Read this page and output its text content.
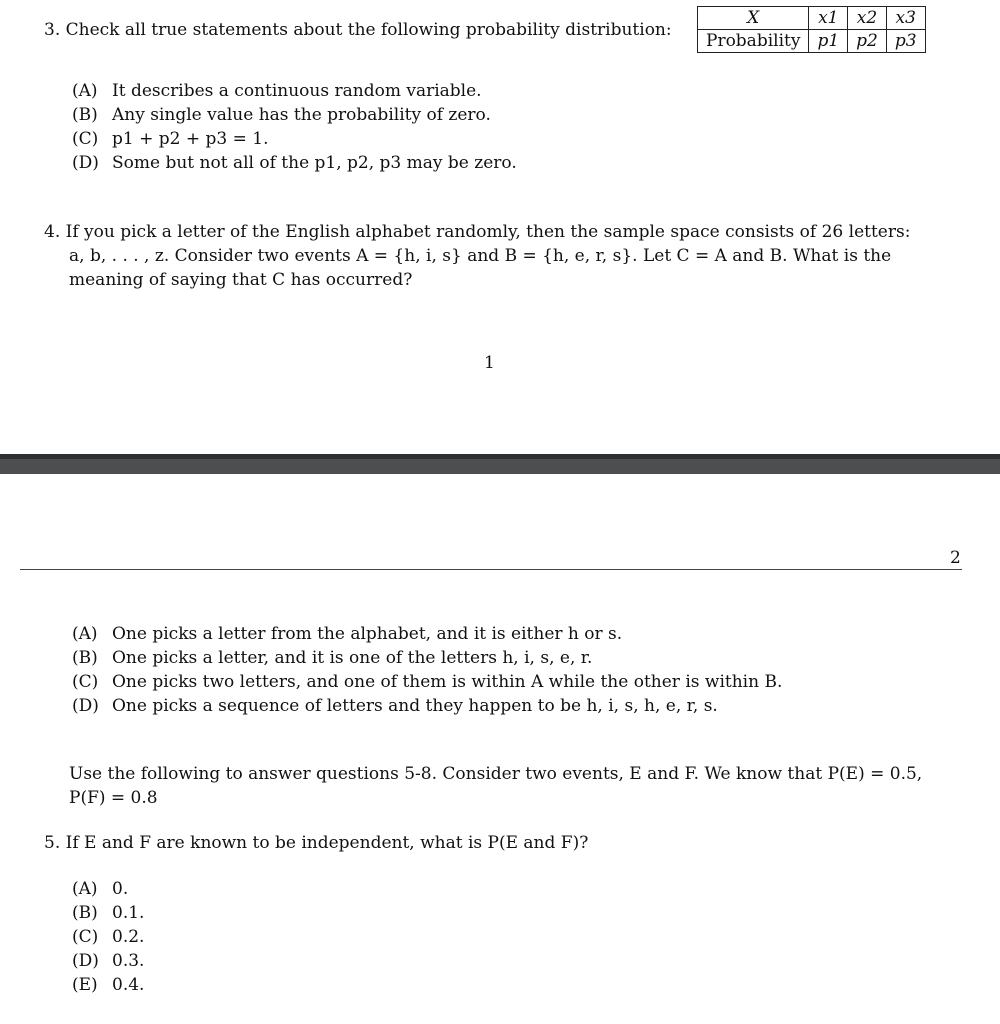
3. Check all true statements about the following probability distribution:
X	x1	x2	x3
Probability	p1	p2	p3
(A) It describes a continuous random variable.
(B) Any single value has the probability of zero.
(C) p1 + p2 + p3 = 1.
(D) Some but not all of the p1, p2, p3 may be zero.
4. If you pick a letter of the English alphabet randomly, then the sample space consists of 26 letters:
a, b, . . . , z. Consider two events A = {h, i, s} and B = {h, e, r, s}. Let C = A and B. What is the
meaning of saying that C has occurred?
1
2
(A) One picks a letter from the alphabet, and it is either h or s.
(B) One picks a letter, and it is one of the letters h, i, s, e, r.
(C) One picks two letters, and one of them is within A while the other is within B.
(D) One picks a sequence of letters and they happen to be h, i, s, h, e, r, s.
Use the following to answer questions 5-8. Consider two events, E and F. We know that P(E) = 0.5,
P(F) = 0.8
5. If E and F are known to be independent, what is P(E and F)?
(A) 0.
(B) 0.1.
(C) 0.2.
(D) 0.3.
(E) 0.4.
